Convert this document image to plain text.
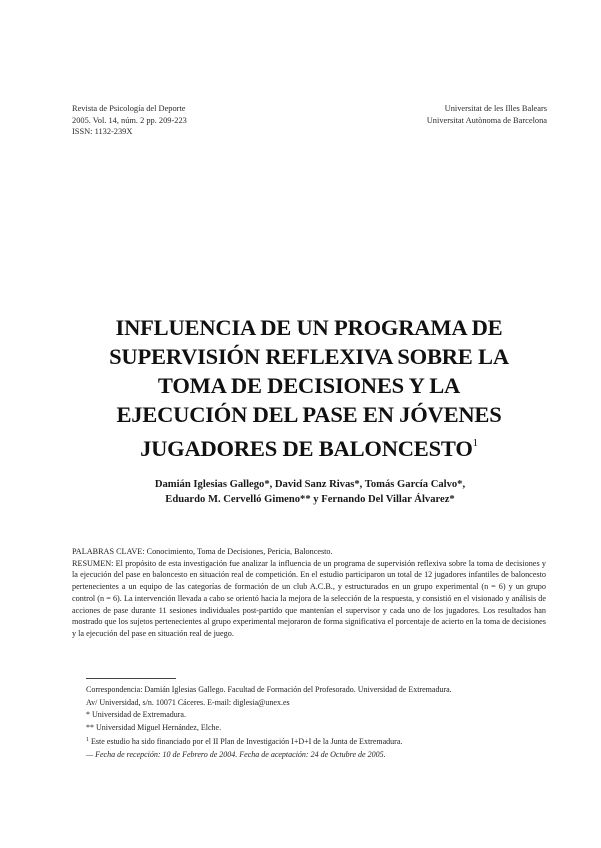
Revista de Psicología del Deporte
2005. Vol. 14, núm. 2 pp. 209-223
ISSN: 1132-239X
Universitat de les Illes Balears
Universitat Autònoma de Barcelona
INFLUENCIA DE UN PROGRAMA DE
SUPERVISIÓN REFLEXIVA SOBRE LA
TOMA DE DECISIONES Y LA
EJECUCIÓN DEL PASE EN JÓVENES
JUGADORES DE BALONCESTO$^1$
Damián Iglesias Gallego*, David Sanz Rivas*, Tomás García Calvo*,
Eduardo M. Cervelló Gimeno** y Fernando Del Villar Álvarez*
PALABRAS CLAVE: Conocimiento, Toma de Decisiones, Pericia, Baloncesto.
RESUMEN: El propósito de esta investigación fue analizar la influencia de un programa de supervisión reflexiva sobre la toma de decisiones y la ejecución del pase en baloncesto en situación real de competición. En el estudio participaron un total de 12 jugadores infantiles de baloncesto pertenecientes a un equipo de las categorías de formación de un club A.C.B., y estructurados en un grupo experimental (n = 6) y un grupo control (n = 6). La intervención llevada a cabo se orientó hacia la mejora de la selección de la respuesta, y consistió en el visionado y análisis de acciones de pase durante 11 sesiones individuales post-partido que mantenían el supervisor y cada uno de los jugadores. Los resultados han mostrado que los sujetos pertenecientes al grupo experimental mejoraron de forma significativa el porcentaje de acierto en la toma de decisiones y la ejecución del pase en situación real de juego.
Correspondencia: Damián Iglesias Gallego. Facultad de Formación del Profesorado. Universidad de Extremadura.
Av/ Universidad, s/n. 10071 Cáceres. E-mail: diglesia@unex.es
* Universidad de Extremadura.
** Universidad Miguel Hernández, Elche.
$^1$ Este estudio ha sido financiado por el II Plan de Investigación I+D+I de la Junta de Extremadura.
— Fecha de recepción: 10 de Febrero de 2004. Fecha de aceptación: 24 de Octubre de 2005.
